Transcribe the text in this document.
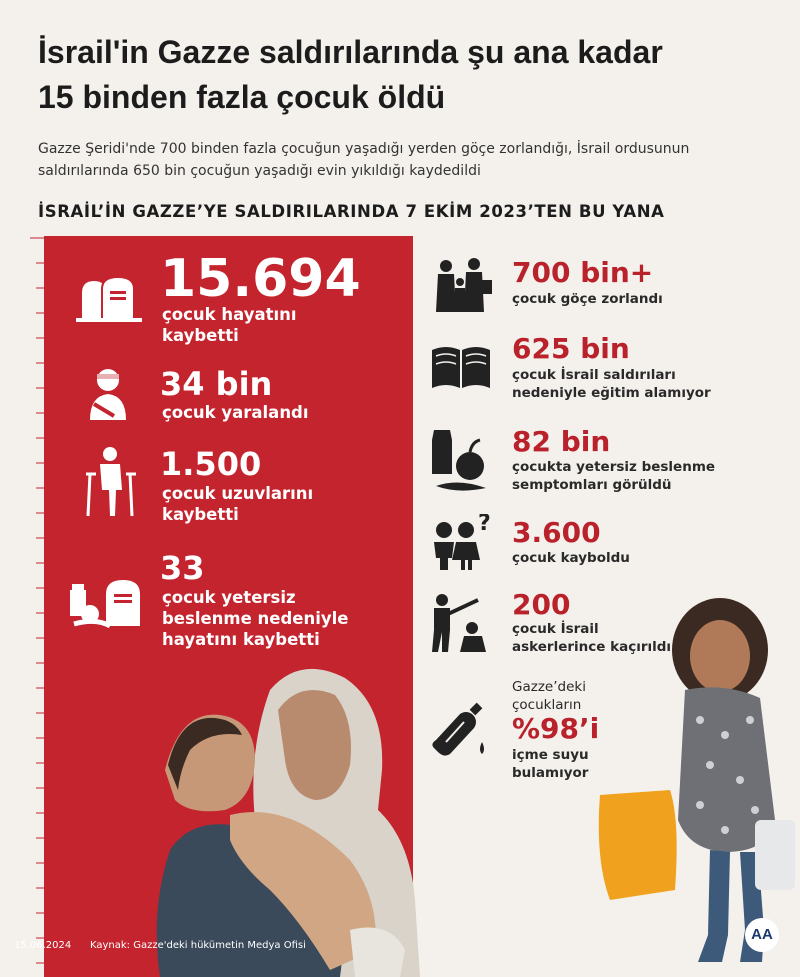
İsrail'in Gazze saldırılarında şu ana kadar
15 binden fazla çocuk öldü
Gazze Şeridi'nde 700 binden fazla çocuğun yaşadığı yerden göçe zorlandığı, İsrail ordusunun
saldırılarında 650 bin çocuğun yaşadığı evin yıkıldığı kaydedildi
İSRAİL’İN GAZZE’YE SALDIRILARINDA 7 EKİM 2023’TEN BU YANA
15.694
çocuk hayatını
kaybetti
34 bin
çocuk yaralandı
1.500
çocuk uzuvlarını
kaybetti
33
çocuk yetersiz
beslenme nedeniyle
hayatını kaybetti
700 bin+
çocuk göçe zorlandı
625 bin
çocuk İsrail saldırıları
nedeniyle eğitim alamıyor
82 bin
çocukta yetersiz beslenme
semptomları görüldü
? 3.600
çocuk kayboldu
200
çocuk İsrail
askerlerince kaçırıldı
Gazze’deki
çocukların
%98’i
içme suyu
bulamıyor
15.06.2024 Kaynak: Gazze'deki hükümetin Medya Ofisi
AA
